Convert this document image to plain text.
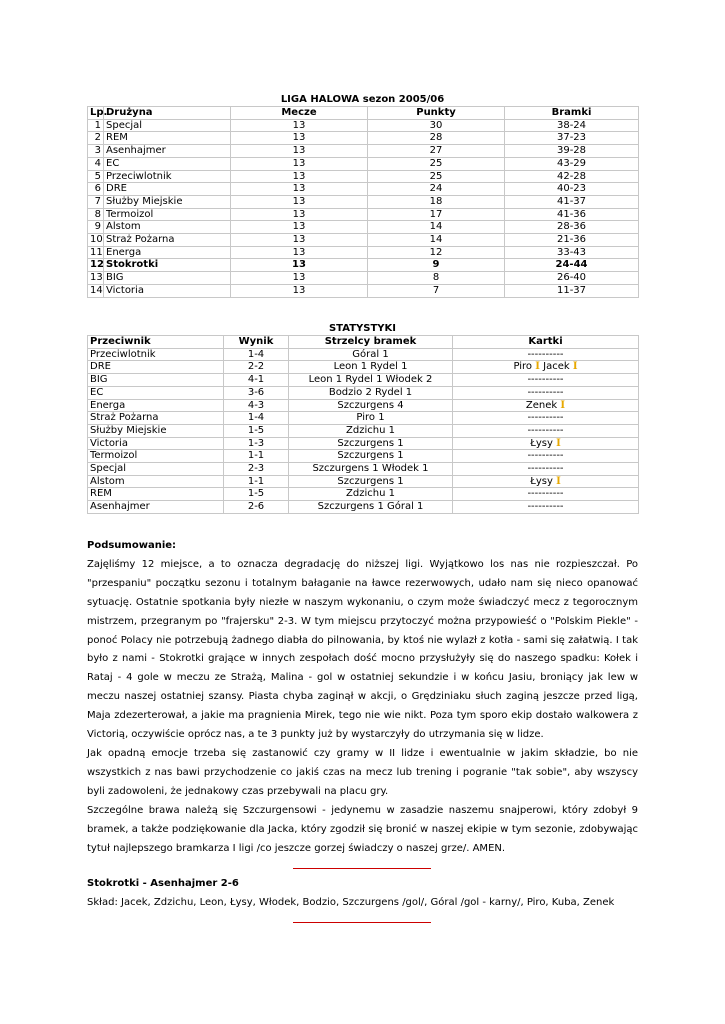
LIGA HALOWA sezon 2005/06
Lp.	Drużyna	Mecze	Punkty	Bramki
1	Specjal	13	30	38-24
2	REM	13	28	37-23
3	Asenhajmer	13	27	39-28
4	EC	13	25	43-29
5	Przeciwlotnik	13	25	42-28
6	DRE	13	24	40-23
7	Służby Miejskie	13	18	41-37
8	Termoizol	13	17	41-36
9	Alstom	13	14	28-36
10	Straż Pożarna	13	14	21-36
11	Energa	13	12	33-43
12	Stokrotki	13	9	24-44
13	BIG	13	8	26-40
14	Victoria	13	7	11-37
STATYSTYKI
Przeciwnik	Wynik	Strzelcy bramek	Kartki
Przeciwlotnik	1-4	Góral 1	----------
DRE	2-2	Leon 1 Rydel 1	Piro I Jacek I
BIG	4-1	Leon 1 Rydel 1 Włodek 2	----------
EC	3-6	Bodzio 2 Rydel 1	----------
Energa	4-3	Szczurgens 4	Zenek I
Straż Pożarna	1-4	Piro 1	----------
Służby Miejskie	1-5	Zdzichu 1	----------
Victoria	1-3	Szczurgens 1	Łysy I
Termoizol	1-1	Szczurgens 1	----------
Specjal	2-3	Szczurgens 1 Włodek 1	----------
Alstom	1-1	Szczurgens 1	Łysy I
REM	1-5	Zdzichu 1	----------
Asenhajmer	2-6	Szczurgens 1 Góral 1	----------

Podsumowanie:

Zajęliśmy 12 miejsce, a to oznacza degradację do niższej ligi. Wyjątkowo los nas nie rozpieszczał. Po "przespaniu" początku sezonu i totalnym bałaganie na ławce rezerwowych, udało nam się nieco opanować sytuację. Ostatnie spotkania były niezłe w naszym wykonaniu, o czym może świadczyć mecz z tegorocznym mistrzem, przegranym po "frajersku" 2-3. W tym miejscu przytoczyć można przypowieść o "Polskim Piekle" - ponoć Polacy nie potrzebują żadnego diabła do pilnowania, by ktoś nie wylazł z kotła - sami się załatwią. I tak było z nami - Stokrotki grające w innych zespołach dość mocno przysłużyły się do naszego spadku: Kołek i Rataj - 4 gole w meczu ze Strażą, Malina - gol w ostatniej sekundzie i w końcu Jasiu, broniący jak lew w meczu naszej ostatniej szansy. Piasta chyba zaginął w akcji, o Grędziniaku słuch zaginą jeszcze przed ligą, Maja zdezerterował, a jakie ma pragnienia Mirek, tego nie wie nikt. Poza tym sporo ekip dostało walkowera z Victorią, oczywiście oprócz nas, a te 3 punkty już by wystarczyły do utrzymania się w lidze.

Jak opadną emocje trzeba się zastanowić czy gramy w II lidze i ewentualnie w jakim składzie, bo nie wszystkich z nas bawi przychodzenie co jakiś czas na mecz lub trening i pogranie "tak sobie", aby wszyscy byli zadowoleni, że jednakowy czas przebywali na placu gry.

Szczególne brawa należą się Szczurgensowi - jedynemu w zasadzie naszemu snajperowi, który zdobył 9 bramek, a także podziękowanie dla Jacka, który zgodził się bronić w naszej ekipie w tym sezonie, zdobywając tytuł najlepszego bramkarza I ligi /co jeszcze gorzej świadczy o naszej grze/. AMEN.

Stokrotki - Asenhajmer 2-6

Skład: Jacek, Zdzichu, Leon, Łysy, Włodek, Bodzio, Szczurgens /gol/, Góral /gol - karny/, Piro, Kuba, Zenek
